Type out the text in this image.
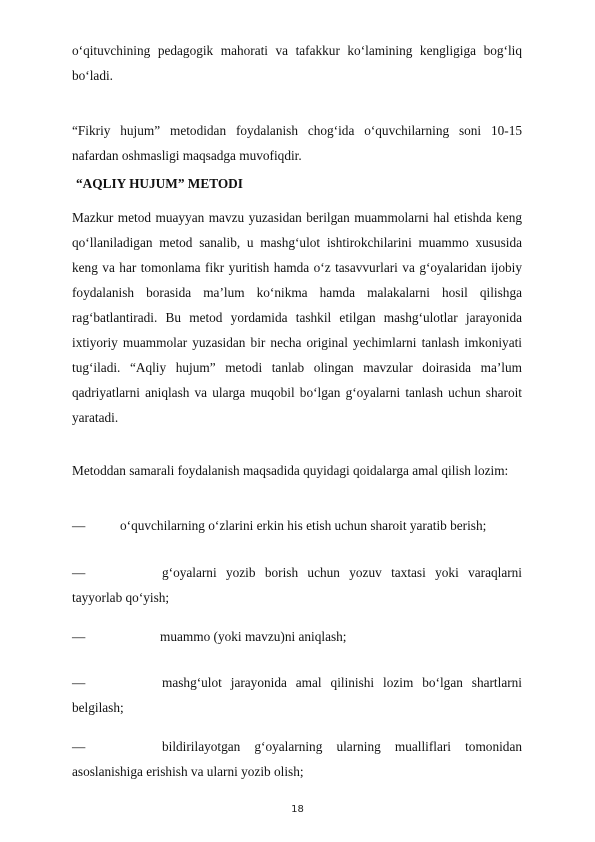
o‘qituvchining pedagogik mahorati va tafakkur ko‘lamining kengligiga bog‘liq bo‘ladi.

“Fikriy hujum” metodidan foydalanish chog‘ida o‘quvchilarning soni 10-15 nafardan oshmasligi maqsadga muvofiqdir.

“AQLIY HUJUM” METODI

Mazkur metod muayyan mavzu yuzasidan berilgan muammolarni hal etishda keng qo‘llaniladigan metod sanalib, u mashg‘ulot ishtirokchilarini muammo xususida keng va har tomonlama fikr yuritish hamda o‘z tasavvurlari va g‘oyalaridan ijobiy foydalanish borasida ma’lum ko‘nikma hamda malakalarni hosil qilishga rag‘batlantiradi. Bu metod yordamida tashkil etilgan mashg‘ulotlar jarayonida ixtiyoriy muammolar yuzasidan bir necha original yechimlarni tanlash imkoniyati tug‘iladi. “Aqliy hujum” metodi tanlab olingan mavzular doirasida ma’lum qadriyatlarni aniqlash va ularga muqobil bo‘lgan g‘oyalarni tanlash uchun sharoit yaratadi.

Metoddan samarali foydalanish maqsadida quyidagi qoidalarga amal qilish lozim:

—	o‘quvchilarning o‘zlarini erkin his etish uchun sharoit yaratib berish;
—	g‘oyalarni yozib borish uchun yozuv taxtasi yoki varaqlarni tayyorlab qo‘yish;
—	muammo (yoki mavzu)ni aniqlash;
—	mashg‘ulot jarayonida amal qilinishi lozim bo‘lgan shartlarni belgilash;
—	bildirilayotgan g‘oyalarning ularning mualliflari tomonidan asoslanishiga erishish va ularni yozib olish;
18
